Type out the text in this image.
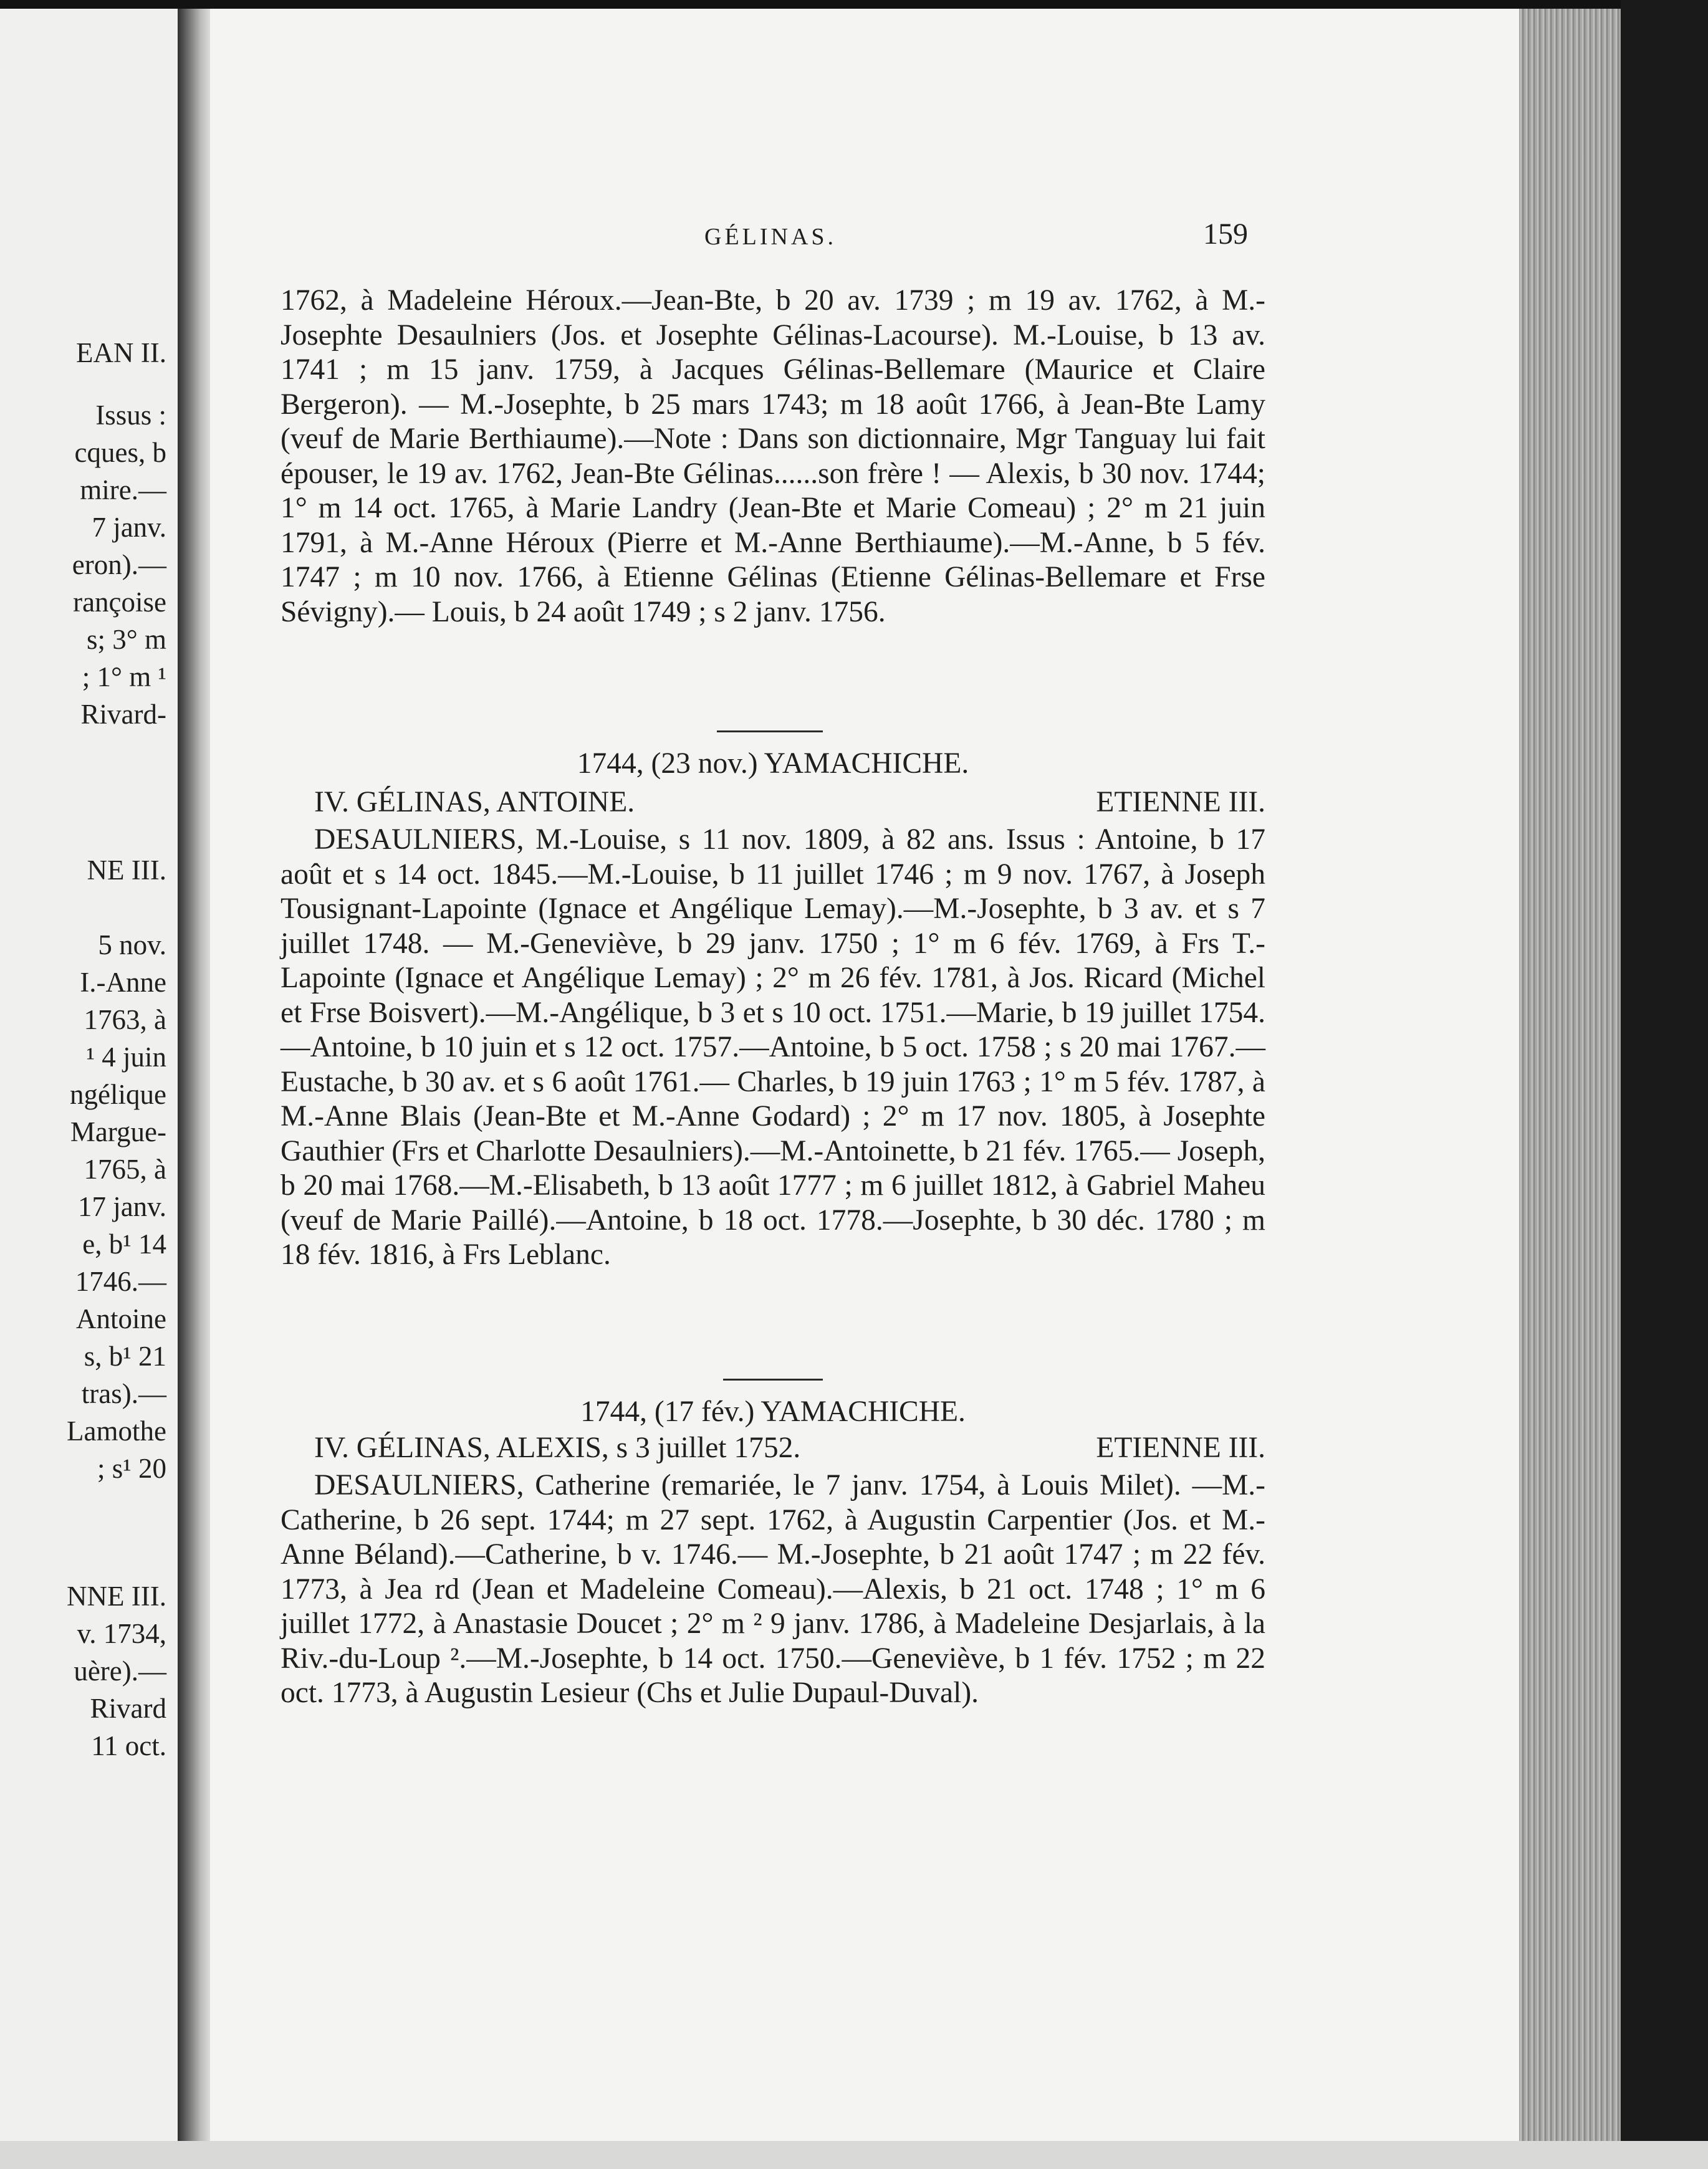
EAN II.
Issus :
cques, b
mire.—
7 janv.
eron).—
rançoise
s; 3° m
; 1° m ¹
Rivard-
NE III.
5 nov.
I.-Anne
1763, à
¹ 4 juin
ngélique
Margue-
1765, à
17 janv.
e, b¹ 14
1746.—
Antoine
s, b¹ 21
tras).—
Lamothe
; s¹ 20
NNE III.
v. 1734,
uère).—
Rivard
11 oct.
GÉLINAS.	159
1762, à Madeleine Héroux.—Jean-Bte, b 20 av. 1739 ; m 19 av. 1762, à M.-Josephte Desaulniers (Jos. et Josephte Gélinas-Lacourse). M.-Louise, b 13 av. 1741 ; m 15 janv. 1759, à Jacques Gélinas-Bellemare (Maurice et Claire Bergeron). — M.-Josephte, b 25 mars 1743; m 18 août 1766, à Jean-Bte Lamy (veuf de Marie Berthiaume).—Note : Dans son dictionnaire, Mgr Tanguay lui fait épouser, le 19 av. 1762, Jean-Bte Gélinas......son frère ! — Alexis, b 30 nov. 1744; 1° m 14 oct. 1765, à Marie Landry (Jean-Bte et Marie Comeau) ; 2° m 21 juin 1791, à M.-Anne Héroux (Pierre et M.-Anne Berthiaume).—M.-Anne, b 5 fév. 1747 ; m 10 nov. 1766, à Etienne Gélinas (Etienne Gélinas-Bellemare et Frse Sévigny).— Louis, b 24 août 1749 ; s 2 janv. 1756.
1744, (23 nov.) YAMACHICHE.
IV. GÉLINAS, ANTOINE.	ETIENNE III.
DESAULNIERS, M.-Louise, s 11 nov. 1809, à 82 ans. Issus : Antoine, b 17 août et s 14 oct. 1845.—M.-Louise, b 11 juillet 1746 ; m 9 nov. 1767, à Joseph Tousignant-Lapointe (Ignace et Angélique Lemay).—M.-Josephte, b 3 av. et s 7 juillet 1748. — M.-Geneviève, b 29 janv. 1750 ; 1° m 6 fév. 1769, à Frs T.-Lapointe (Ignace et Angélique Lemay) ; 2° m 26 fév. 1781, à Jos. Ricard (Michel et Frse Boisvert).—M.-Angélique, b 3 et s 10 oct. 1751.—Marie, b 19 juillet 1754.—Antoine, b 10 juin et s 12 oct. 1757.—Antoine, b 5 oct. 1758 ; s 20 mai 1767.—Eustache, b 30 av. et s 6 août 1761.— Charles, b 19 juin 1763 ; 1° m 5 fév. 1787, à M.-Anne Blais (Jean-Bte et M.-Anne Godard) ; 2° m 17 nov. 1805, à Josephte Gauthier (Frs et Charlotte Desaulniers).—M.-Antoinette, b 21 fév. 1765.— Joseph, b 20 mai 1768.—M.-Elisabeth, b 13 août 1777 ; m 6 juillet 1812, à Gabriel Maheu (veuf de Marie Paillé).—Antoine, b 18 oct. 1778.—Josephte, b 30 déc. 1780 ; m 18 fév. 1816, à Frs Leblanc.
1744, (17 fév.) YAMACHICHE.
IV. GÉLINAS, ALEXIS, s 3 juillet 1752.	ETIENNE III.
DESAULNIERS, Catherine (remariée, le 7 janv. 1754, à Louis Milet). —M.-Catherine, b 26 sept. 1744; m 27 sept. 1762, à Augustin Carpentier (Jos. et M.-Anne Béland).—Catherine, b v. 1746.— M.-Josephte, b 21 août 1747 ; m 22 fév. 1773, à Jea rd (Jean et Madeleine Comeau).—Alexis, b 21 oct. 1748 ; 1° m 6 juillet 1772, à Anastasie Doucet ; 2° m ² 9 janv. 1786, à Madeleine Desjarlais, à la Riv.-du-Loup ².—M.-Josephte, b 14 oct. 1750.—Geneviève, b 1 fév. 1752 ; m 22 oct. 1773, à Augustin Lesieur (Chs et Julie Dupaul-Duval).
